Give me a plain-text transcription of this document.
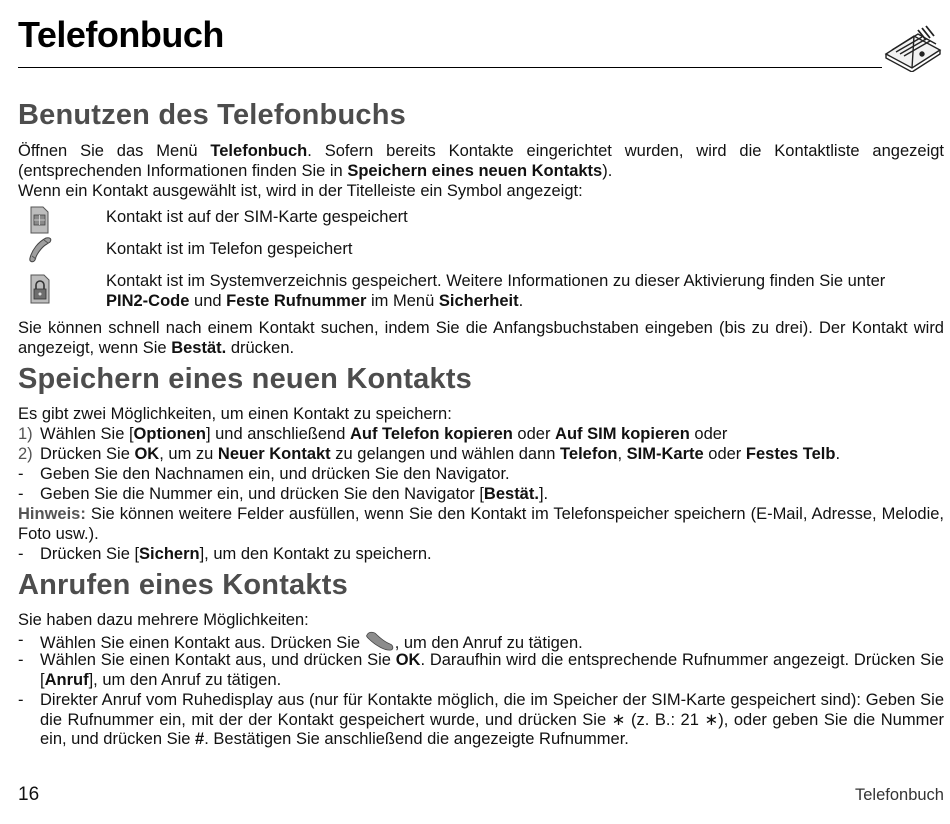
Telefonbuch
Benutzen des Telefonbuchs
Öffnen Sie das Menü Telefonbuch. Sofern bereits Kontakte eingerichtet wurden, wird die Kontaktliste angezeigt (entsprechenden Informationen finden Sie in Speichern eines neuen Kontakts).
Wenn ein Kontakt ausgewählt ist, wird in der Titelleiste ein Symbol angezeigt:
Kontakt ist auf der SIM-Karte gespeichert
Kontakt ist im Telefon gespeichert
Kontakt ist im Systemverzeichnis gespeichert. Weitere Informationen zu dieser Aktivierung finden Sie unter
PIN2-Code und Feste Rufnummer im Menü Sicherheit.
Sie können schnell nach einem Kontakt suchen, indem Sie die Anfangsbuchstaben eingeben (bis zu drei). Der Kontakt wird angezeigt, wenn Sie Bestät. drücken.
Speichern eines neuen Kontakts
Es gibt zwei Möglichkeiten, um einen Kontakt zu speichern:
1) Wählen Sie [Optionen] und anschließend Auf Telefon kopieren oder Auf SIM kopieren oder
2) Drücken Sie OK, um zu Neuer Kontakt zu gelangen und wählen dann Telefon, SIM-Karte oder Festes Telb.
- Geben Sie den Nachnamen ein, und drücken Sie den Navigator.
- Geben Sie die Nummer ein, und drücken Sie den Navigator [Bestät.].
Hinweis: Sie können weitere Felder ausfüllen, wenn Sie den Kontakt im Telefonspeicher speichern (E-Mail, Adresse, Melodie, Foto usw.).
- Drücken Sie [Sichern], um den Kontakt zu speichern.
Anrufen eines Kontakts
Sie haben dazu mehrere Möglichkeiten:
- Wählen Sie einen Kontakt aus. Drücken Sie , um den Anruf zu tätigen.
- Wählen Sie einen Kontakt aus, und drücken Sie OK. Daraufhin wird die entsprechende Rufnummer angezeigt. Drücken Sie [Anruf], um den Anruf zu tätigen.
- Direkter Anruf vom Ruhedisplay aus (nur für Kontakte möglich, die im Speicher der SIM-Karte gespeichert sind): Geben Sie die Rufnummer ein, mit der der Kontakt gespeichert wurde, und drücken Sie ∗ (z. B.: 21 ∗), oder geben Sie die Nummer ein, und drücken Sie #. Bestätigen Sie anschließend die angezeigte Rufnummer.
16	Telefonbuch
